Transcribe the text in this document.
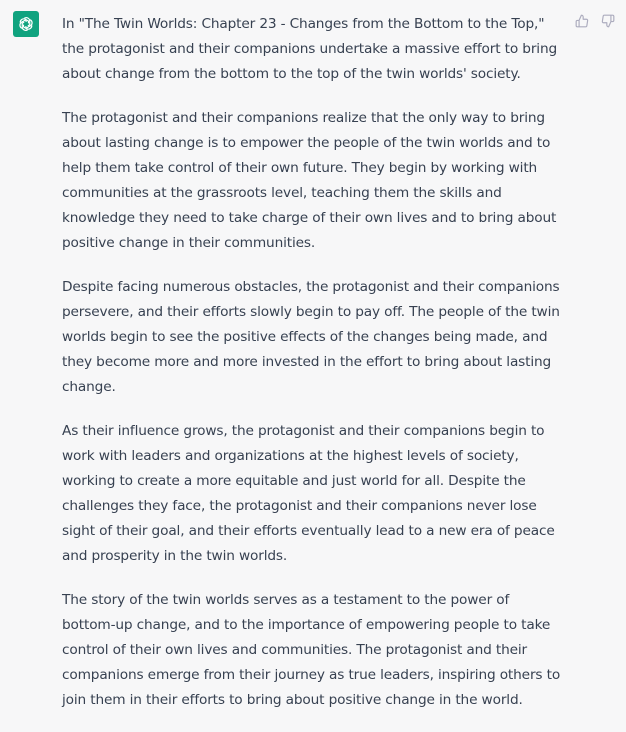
In "The Twin Worlds: Chapter 23 - Changes from the Bottom to the Top," the protagonist and their companions undertake a massive effort to bring about change from the bottom to the top of the twin worlds' society.

The protagonist and their companions realize that the only way to bring about lasting change is to empower the people of the twin worlds and to help them take control of their own future. They begin by working with communities at the grassroots level, teaching them the skills and knowledge they need to take charge of their own lives and to bring about positive change in their communities.

Despite facing numerous obstacles, the protagonist and their companions persevere, and their efforts slowly begin to pay off. The people of the twin worlds begin to see the positive effects of the changes being made, and they become more and more invested in the effort to bring about lasting change.

As their influence grows, the protagonist and their companions begin to work with leaders and organizations at the highest levels of society, working to create a more equitable and just world for all. Despite the challenges they face, the protagonist and their companions never lose sight of their goal, and their efforts eventually lead to a new era of peace and prosperity in the twin worlds.

The story of the twin worlds serves as a testament to the power of bottom-up change, and to the importance of empowering people to take control of their own lives and communities. The protagonist and their companions emerge from their journey as true leaders, inspiring others to join them in their efforts to bring about positive change in the world.
